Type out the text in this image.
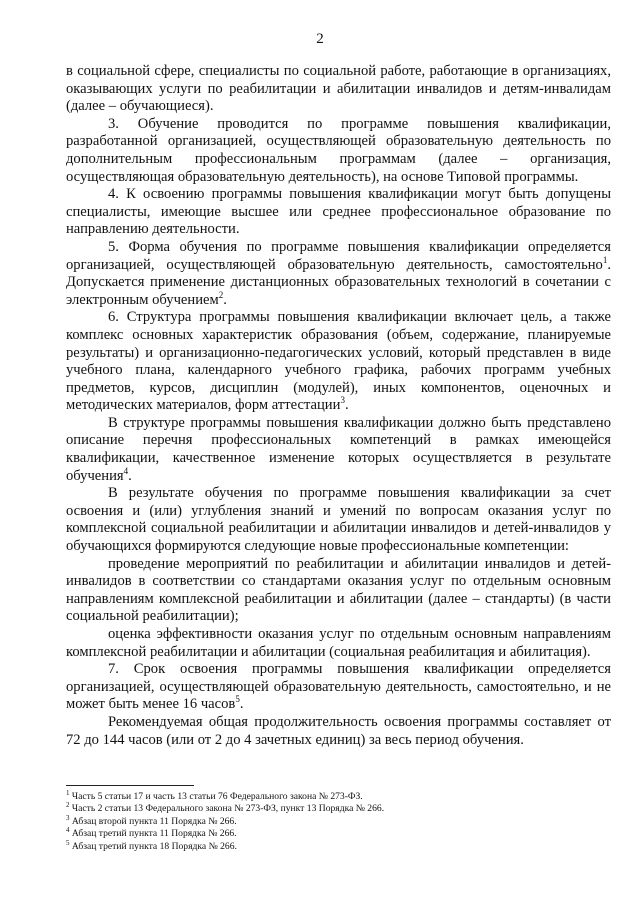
2

в социальной сфере, специалисты по социальной работе, работающие в организациях, оказывающих услуги по реабилитации и абилитации инвалидов и детям-инвалидам (далее – обучающиеся).

3. Обучение проводится по программе повышения квалификации, разработанной организацией, осуществляющей образовательную деятельность по дополнительным профессиональным программам (далее – организация, осуществляющая образовательную деятельность), на основе Типовой программы.

4. К освоению программы повышения квалификации могут быть допущены специалисты, имеющие высшее или среднее профессиональное образование по направлению деятельности.

5. Форма обучения по программе повышения квалификации определяется организацией, осуществляющей образовательную деятельность, самостоятельно$^1$. Допускается применение дистанционных образовательных технологий в сочетании с электронным обучением$^2$.

6. Структура программы повышения квалификации включает цель, а также комплекс основных характеристик образования (объем, содержание, планируемые результаты) и организационно-педагогических условий, который представлен в виде учебного плана, календарного учебного графика, рабочих программ учебных предметов, курсов, дисциплин (модулей), иных компонентов, оценочных и методических материалов, форм аттестации$^3$.

В структуре программы повышения квалификации должно быть представлено описание перечня профессиональных компетенций в рамках имеющейся квалификации, качественное изменение которых осуществляется в результате обучения$^4$.

В результате обучения по программе повышения квалификации за счет освоения и (или) углубления знаний и умений по вопросам оказания услуг по комплексной социальной реабилитации и абилитации инвалидов и детей-инвалидов у обучающихся формируются следующие новые профессиональные компетенции:

проведение мероприятий по реабилитации и абилитации инвалидов и детей-инвалидов в соответствии со стандартами оказания услуг по отдельным основным направлениям комплексной реабилитации и абилитации (далее – стандарты) (в части социальной реабилитации);

оценка эффективности оказания услуг по отдельным основным направлениям комплексной реабилитации и абилитации (социальная реабилитация и абилитация).

7. Срок освоения программы повышения квалификации определяется организацией, осуществляющей образовательную деятельность, самостоятельно, и не может быть менее 16 часов$^5$.

Рекомендуемая общая продолжительность освоения программы составляет от 72 до 144 часов (или от 2 до 4 зачетных единиц) за весь период обучения.

$^1$ Часть 5 статьи 17 и часть 13 статьи 76 Федерального закона № 273-ФЗ.
$^2$ Часть 2 статьи 13 Федерального закона № 273-ФЗ, пункт 13 Порядка № 266.
$^3$ Абзац второй пункта 11 Порядка № 266.
$^4$ Абзац третий пункта 11 Порядка № 266.
$^5$ Абзац третий пункта 18 Порядка № 266.
